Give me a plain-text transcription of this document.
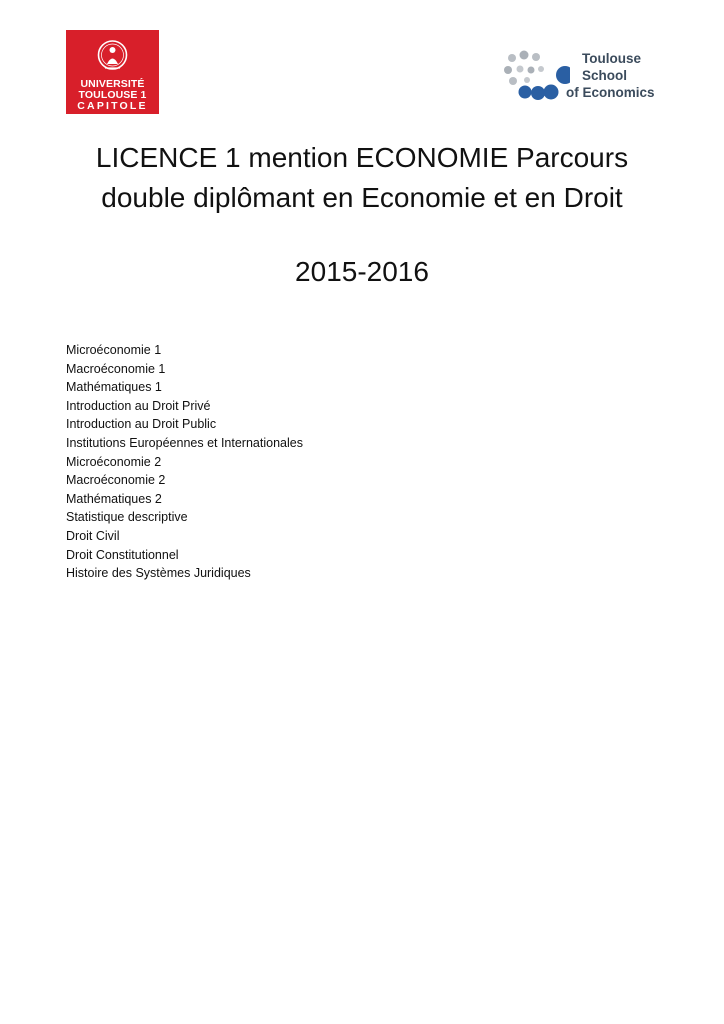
UNIVERSITÉ
TOULOUSE 1
CAPITOLE
Toulouse
School
of Economics
LICENCE 1 mention ECONOMIE Parcours
double diplômant en Economie et en Droit
2015-2016
Microéconomie 1
Macroéconomie 1
Mathématiques 1
Introduction au Droit Privé
Introduction au Droit Public
Institutions Européennes et Internationales
Microéconomie 2
Macroéconomie 2
Mathématiques 2
Statistique descriptive
Droit Civil
Droit Constitutionnel
Histoire des Systèmes Juridiques
